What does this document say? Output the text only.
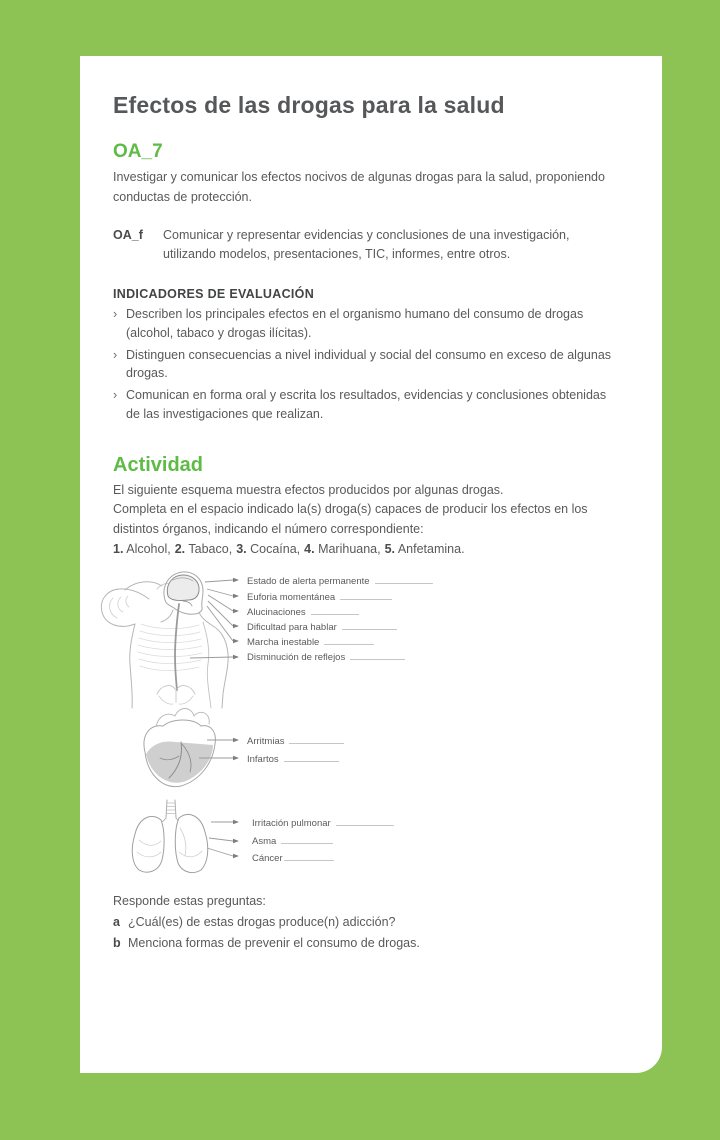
Efectos de las drogas para la salud
OA_7

Investigar y comunicar los efectos nocivos de algunas drogas para la salud, proponiendo conductas de protección.

OA_f	Comunicar y representar evidencias y conclusiones de una investigación, utilizando modelos, presentaciones, TIC, informes, entre otros.
INDICADORES DE EVALUACIÓN
› Describen los principales efectos en el organismo humano del consumo de drogas (alcohol, tabaco y drogas ilícitas).
› Distinguen consecuencias a nivel individual y social del consumo en exceso de algunas drogas.
› Comunican en forma oral y escrita los resultados, evidencias y conclusiones obtenidas de las investigaciones que realizan.
Actividad

El siguiente esquema muestra efectos producidos por algunas drogas.

Completa en el espacio indicado la(s) droga(s) capaces de producir los efectos en los distintos órganos, indicando el número correspondiente:

1. Alcohol, 2. Tabaco, 3. Cocaína, 4. Marihuana, 5. Anfetamina.

Estado de alerta permanente
Euforia momentánea
Alucinaciones
Dificultad para hablar
Marcha inestable
Disminución de reflejos
Arritmias
Infartos
Irritación pulmonar
Asma
Cáncer
Responde estas preguntas:
a ¿Cuál(es) de estas drogas produce(n) adicción?
b Menciona formas de prevenir el consumo de drogas.
